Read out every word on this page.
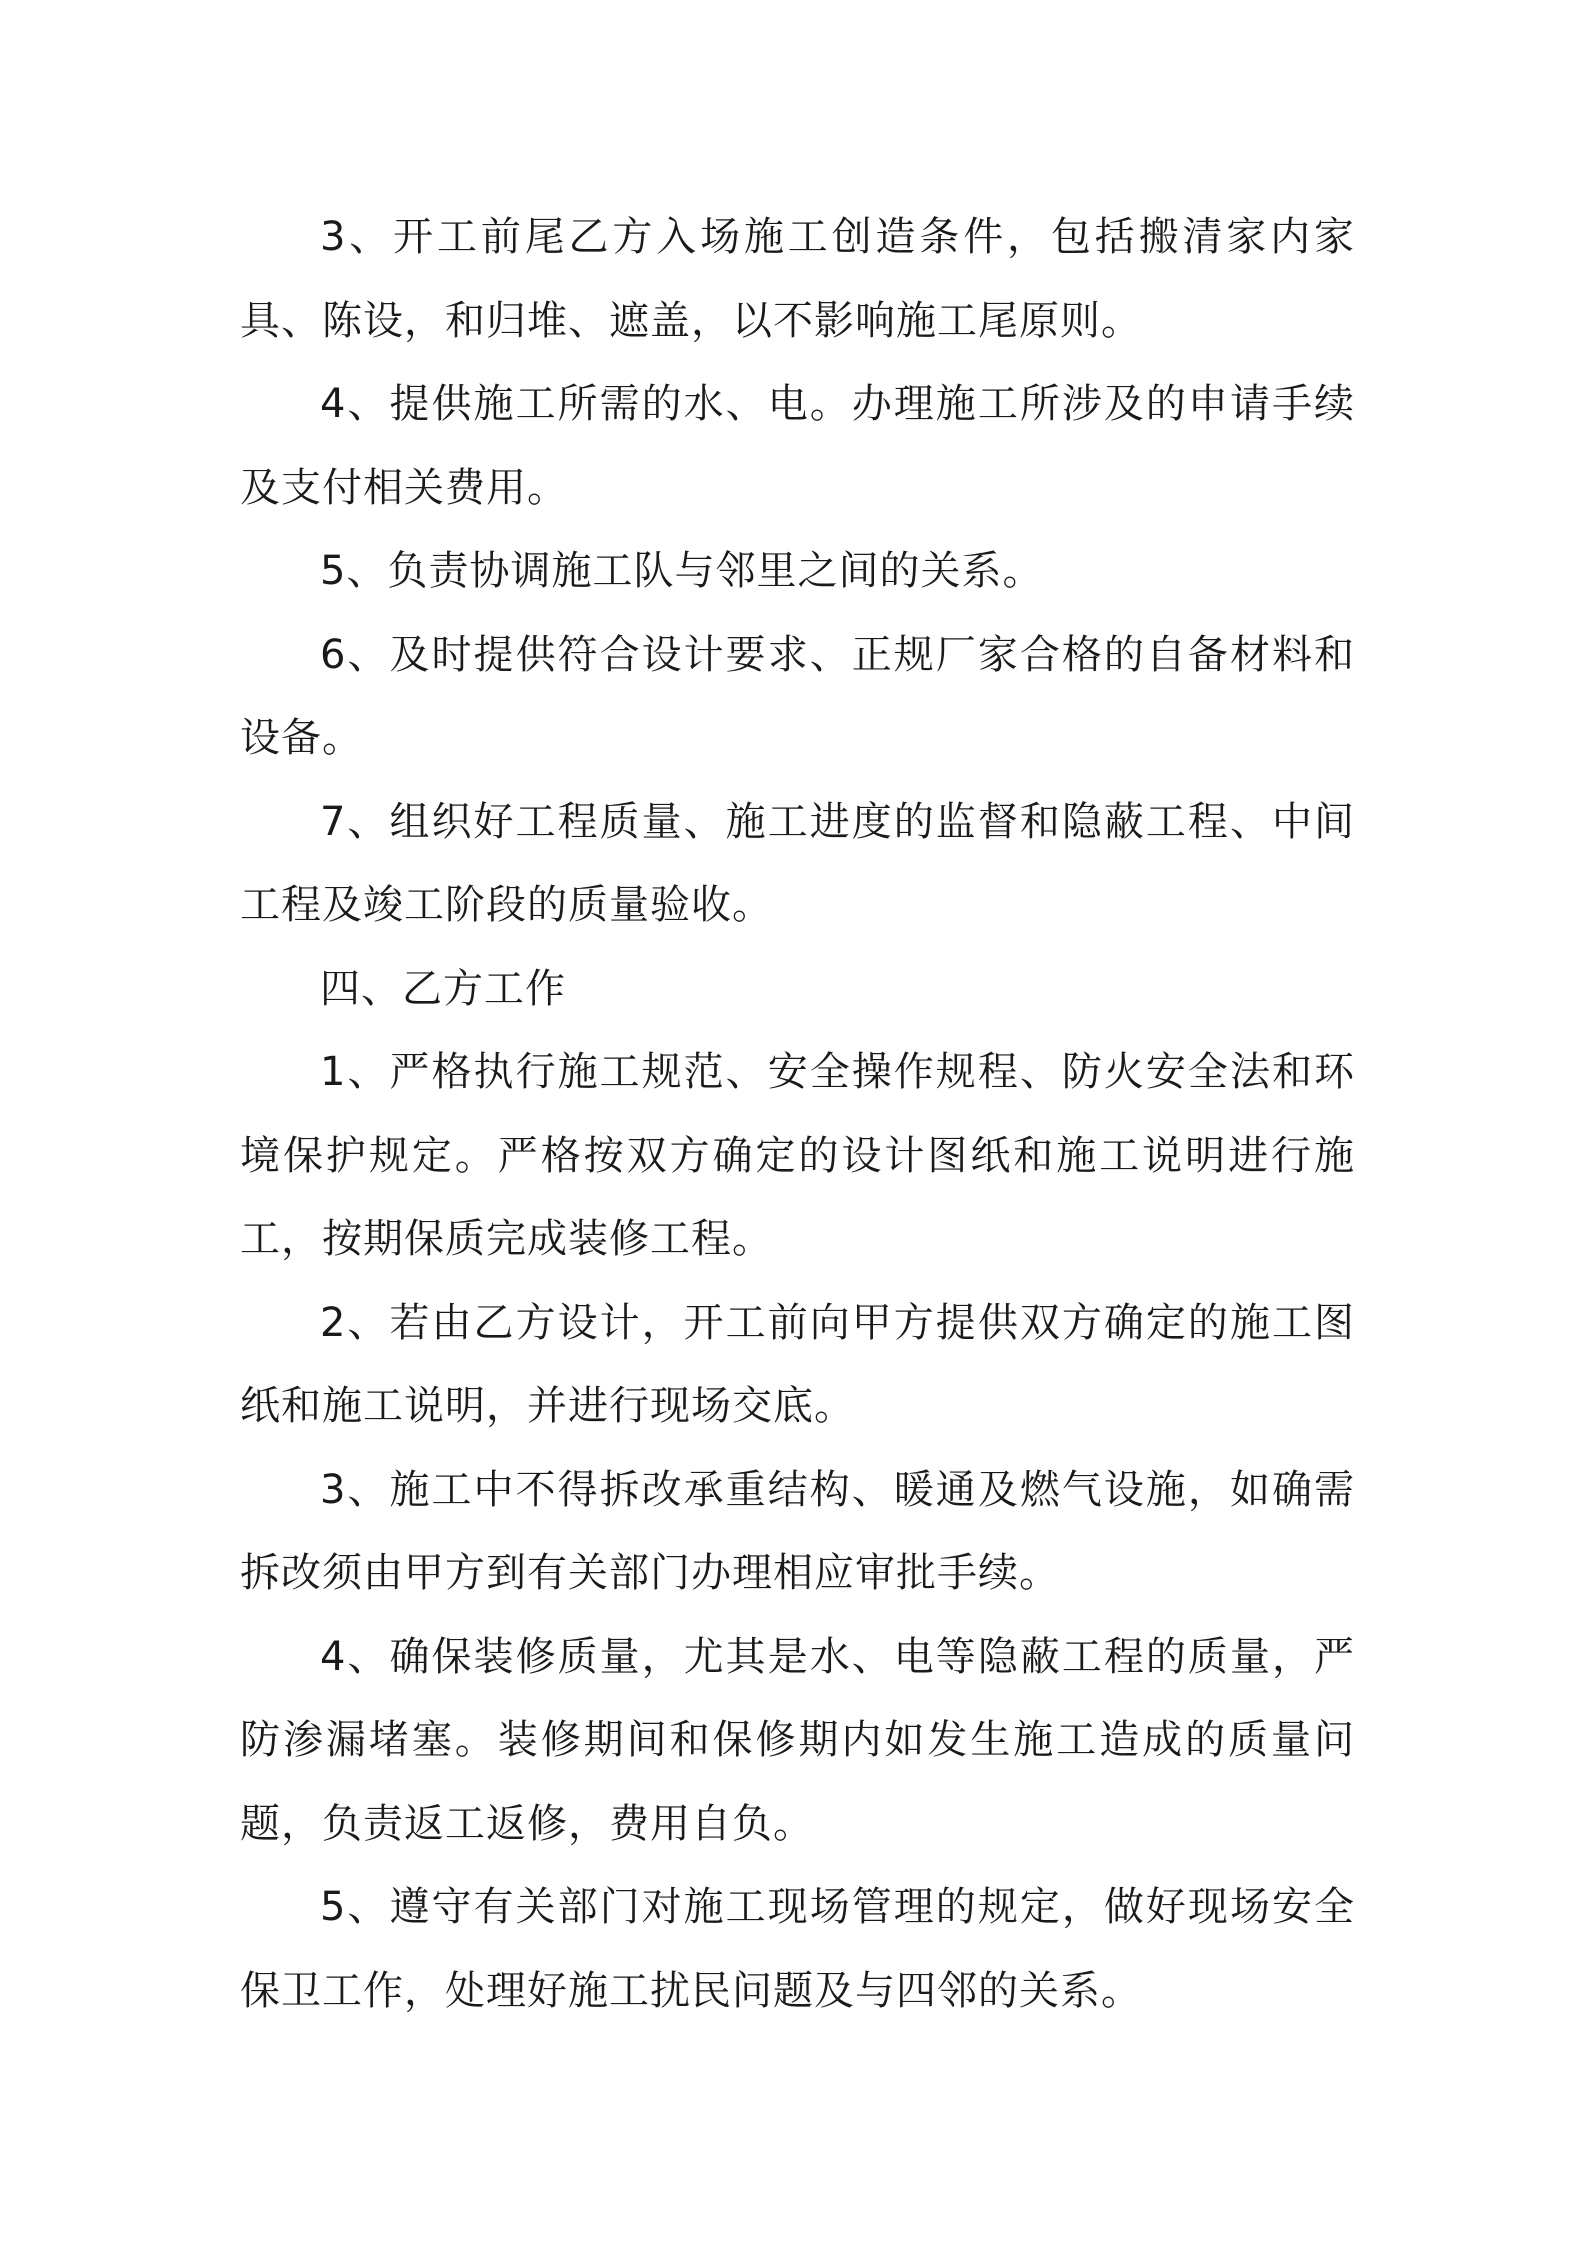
3、开工前尾乙方入场施工创造条件，包括搬清家内家具、陈设，和归堆、遮盖，以不影响施工尾原则。

4、提供施工所需的水、电。办理施工所涉及的申请手续及支付相关费用。

5、负责协调施工队与邻里之间的关系。

6、及时提供符合设计要求、正规厂家合格的自备材料和设备。

7、组织好工程质量、施工进度的监督和隐蔽工程、中间工程及竣工阶段的质量验收。

四、乙方工作

1、严格执行施工规范、安全操作规程、防火安全法和环境保护规定。严格按双方确定的设计图纸和施工说明进行施工，按期保质完成装修工程。

2、若由乙方设计，开工前向甲方提供双方确定的施工图纸和施工说明，并进行现场交底。

3、施工中不得拆改承重结构、暖通及燃气设施，如确需拆改须由甲方到有关部门办理相应审批手续。

4、确保装修质量，尤其是水、电等隐蔽工程的质量，严防渗漏堵塞。装修期间和保修期内如发生施工造成的质量问题，负责返工返修，费用自负。

5、遵守有关部门对施工现场管理的规定，做好现场安全保卫工作，处理好施工扰民问题及与四邻的关系。
